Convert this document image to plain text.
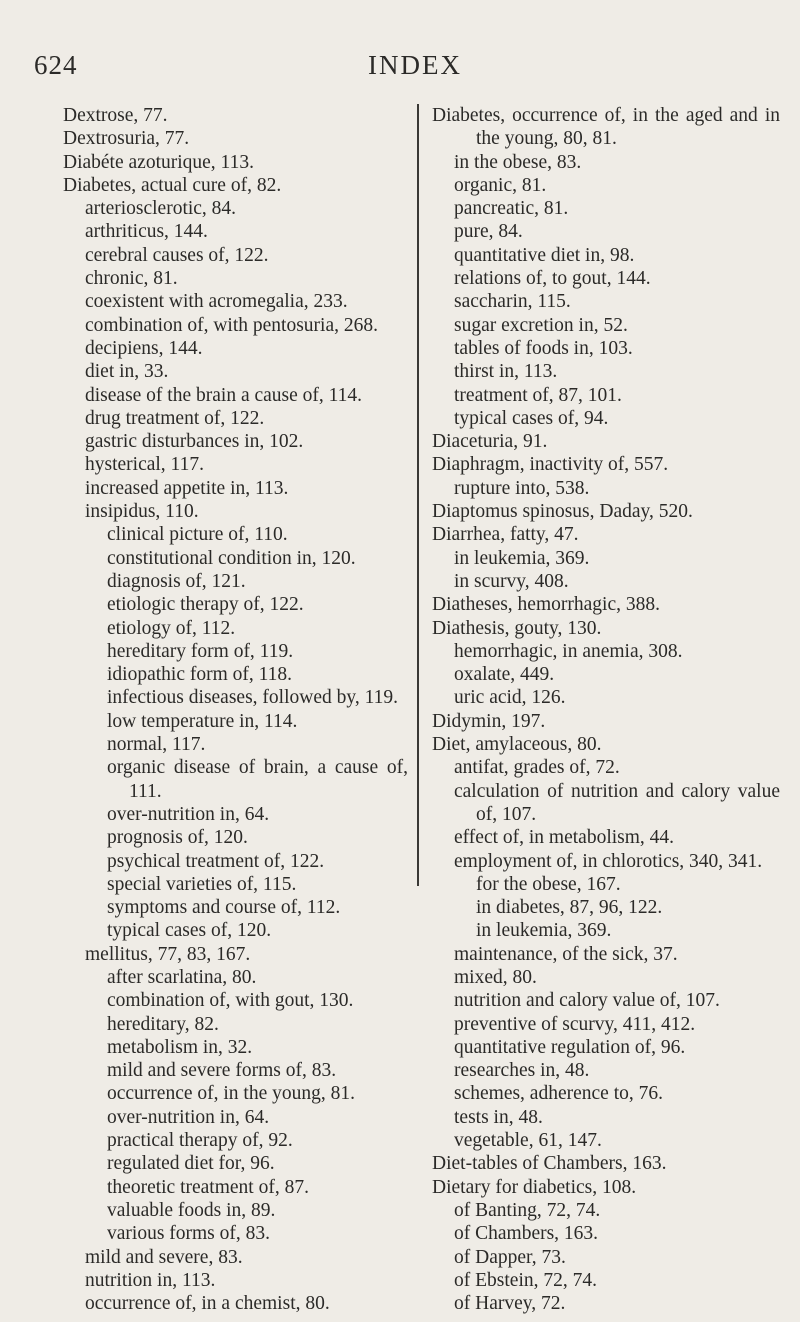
624	INDEX
Dextrose, 77.
Dextrosuria, 77.
Diabéte azoturique, 113.
Diabetes, actual cure of, 82.
arteriosclerotic, 84.
arthriticus, 144.
cerebral causes of, 122.
chronic, 81.
coexistent with acromegalia, 233.
combination of, with pentosuria, 268.
decipiens, 144.
diet in, 33.
disease of the brain a cause of, 114.
drug treatment of, 122.
gastric disturbances in, 102.
hysterical, 117.
increased appetite in, 113.
insipidus, 110.
clinical picture of, 110.
constitutional condition in, 120.
diagnosis of, 121.
etiologic therapy of, 122.
etiology of, 112.
hereditary form of, 119.
idiopathic form of, 118.
infectious diseases, followed by, 119.
low temperature in, 114.
normal, 117.
organic disease of brain, a cause of,
111.
over-nutrition in, 64.
prognosis of, 120.
psychical treatment of, 122.
special varieties of, 115.
symptoms and course of, 112.
typical cases of, 120.
mellitus, 77, 83, 167.
after scarlatina, 80.
combination of, with gout, 130.
hereditary, 82.
metabolism in, 32.
mild and severe forms of, 83.
occurrence of, in the young, 81.
over-nutrition in, 64.
practical therapy of, 92.
regulated diet for, 96.
theoretic treatment of, 87.
valuable foods in, 89.
various forms of, 83.
mild and severe, 83.
nutrition in, 113.
occurrence of, in a chemist, 80.
Diabetes, occurrence of, in the aged and in
the young, 80, 81.
in the obese, 83.
organic, 81.
pancreatic, 81.
pure, 84.
quantitative diet in, 98.
relations of, to gout, 144.
saccharin, 115.
sugar excretion in, 52.
tables of foods in, 103.
thirst in, 113.
treatment of, 87, 101.
typical cases of, 94.
Diaceturia, 91.
Diaphragm, inactivity of, 557.
rupture into, 538.
Diaptomus spinosus, Daday, 520.
Diarrhea, fatty, 47.
in leukemia, 369.
in scurvy, 408.
Diatheses, hemorrhagic, 388.
Diathesis, gouty, 130.
hemorrhagic, in anemia, 308.
oxalate, 449.
uric acid, 126.
Didymin, 197.
Diet, amylaceous, 80.
antifat, grades of, 72.
calculation of nutrition and calory value
of, 107.
effect of, in metabolism, 44.
employment of, in chlorotics, 340, 341.
for the obese, 167.
in diabetes, 87, 96, 122.
in leukemia, 369.
maintenance, of the sick, 37.
mixed, 80.
nutrition and calory value of, 107.
preventive of scurvy, 411, 412.
quantitative regulation of, 96.
researches in, 48.
schemes, adherence to, 76.
tests in, 48.
vegetable, 61, 147.
Diet-tables of Chambers, 163.
Dietary for diabetics, 108.
of Banting, 72, 74.
of Chambers, 163.
of Dapper, 73.
of Ebstein, 72, 74.
of Harvey, 72.
